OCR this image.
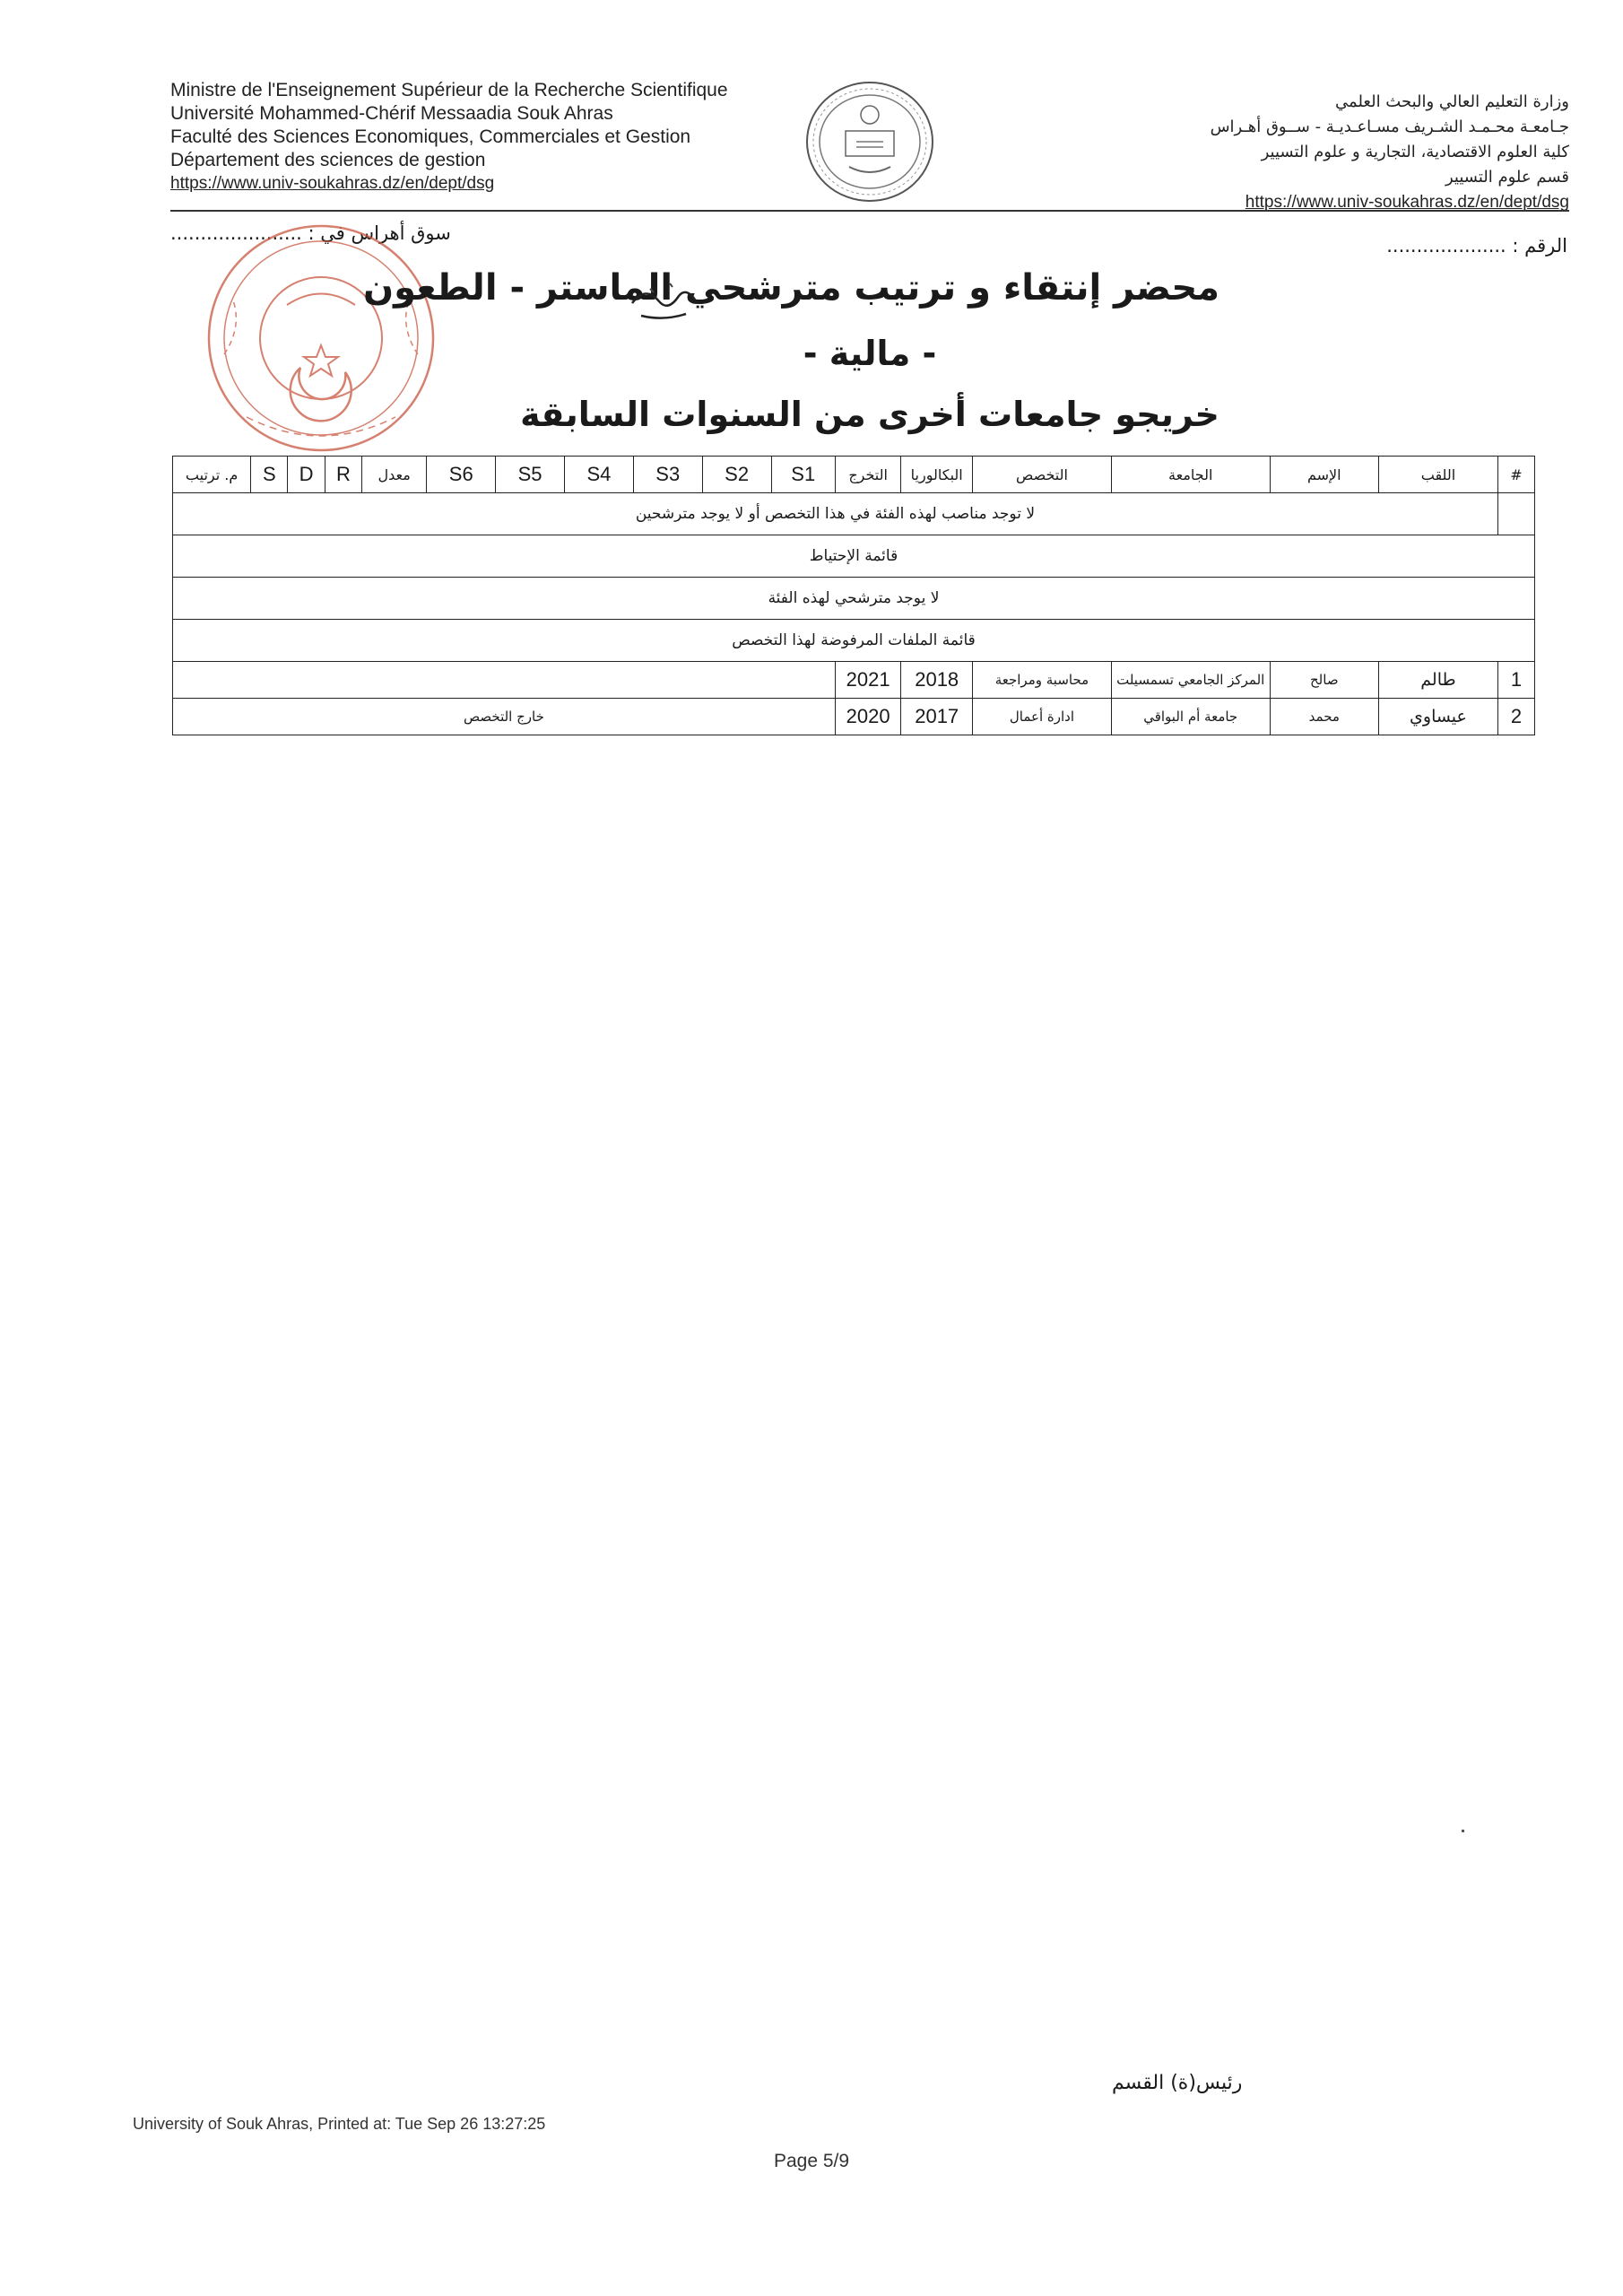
Ministre de l'Enseignement Supérieur de la Recherche Scientifique
Université Mohammed-Chérif Messaadia Souk Ahras
Faculté des Sciences Economiques, Commerciales et Gestion
Département des sciences de gestion
https://www.univ-soukahras.dz/en/dept/dsg
وزارة التعليم العالي والبحث العلمي
جـامعـة محـمـد الشـريف مسـاعـديـة - ســوق أهـراس
كلية العلوم الاقتصادية، التجارية و علوم التسيير
قسم علوم التسيير
https://www.univ-soukahras.dz/en/dept/dsg
سوق أهراس في : ......................
الرقم : ....................
محضر إنتقاء و ترتيب مترشحي الماستر - الطعون
- مالية -
خريجو جامعات أخرى من السنوات السابقة
#	اللقب	الإسم	الجامعة	التخصص	البكالوريا	التخرج	S1	S2	S3	S4	S5	S6	معدل	R	D	S	م. ترتيب
	لا توجد مناصب لهذه الفئة في هذا التخصص أو لا يوجد مترشحين																
قائمة الإحتياط																	
لا يوجد مترشحي لهذه الفئة																	
قائمة الملفات المرفوضة لهذا التخصص																	
1	طالم	صالح	المركز الجامعي تسمسيلت	محاسبة ومراجعة	2018	2021											
2	عيساوي	محمد	جامعة أم البواقي	ادارة أعمال	2017	2020	خارج التخصص										
رئيس(ة) القسم
University of Souk Ahras, Printed at: Tue Sep 26 13:27:25
Page 5/9
